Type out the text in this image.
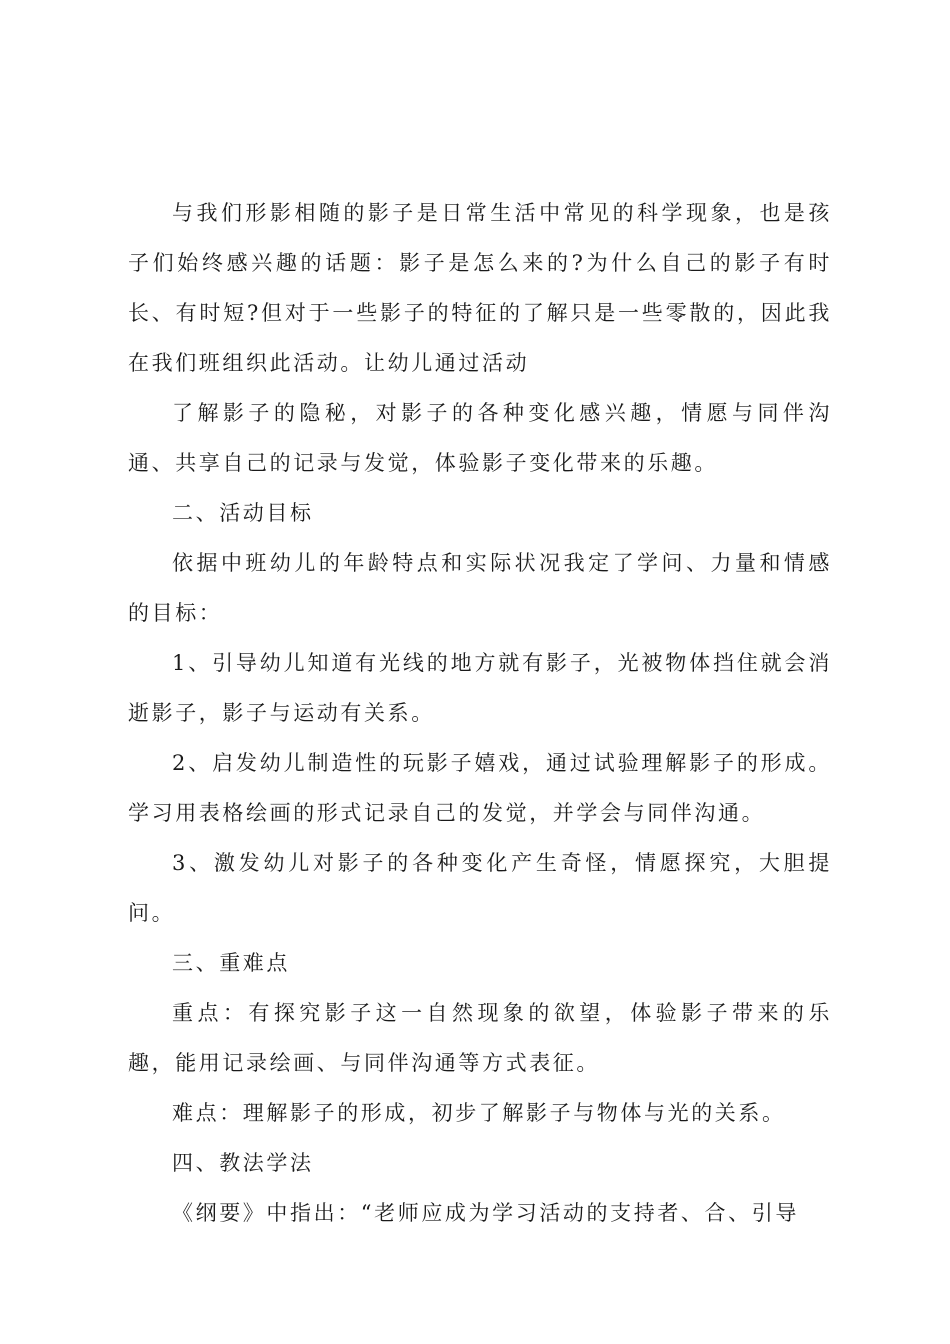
与我们形影相随的影子是日常生活中常见的科学现象，也是孩子们始终感兴趣的话题：影子是怎么来的?为什么自己的影子有时长、有时短?但对于一些影子的特征的了解只是一些零散的，因此我在我们班组织此活动。让幼儿通过活动

了解影子的隐秘，对影子的各种变化感兴趣，情愿与同伴沟通、共享自己的记录与发觉，体验影子变化带来的乐趣。

二、活动目标

依据中班幼儿的年龄特点和实际状况我定了学问、力量和情感的目标：

1、引导幼儿知道有光线的地方就有影子，光被物体挡住就会消逝影子，影子与运动有关系。

2、启发幼儿制造性的玩影子嬉戏，通过试验理解影子的形成。学习用表格绘画的形式记录自己的发觉，并学会与同伴沟通。

3、激发幼儿对影子的各种变化产生奇怪，情愿探究，大胆提问。

三、重难点

重点：有探究影子这一自然现象的欲望，体验影子带来的乐趣，能用记录绘画、与同伴沟通等方式表征。

难点：理解影子的形成，初步了解影子与物体与光的关系。

四、教法学法

《纲要》中指出：“老师应成为学习活动的支持者、合、引导
